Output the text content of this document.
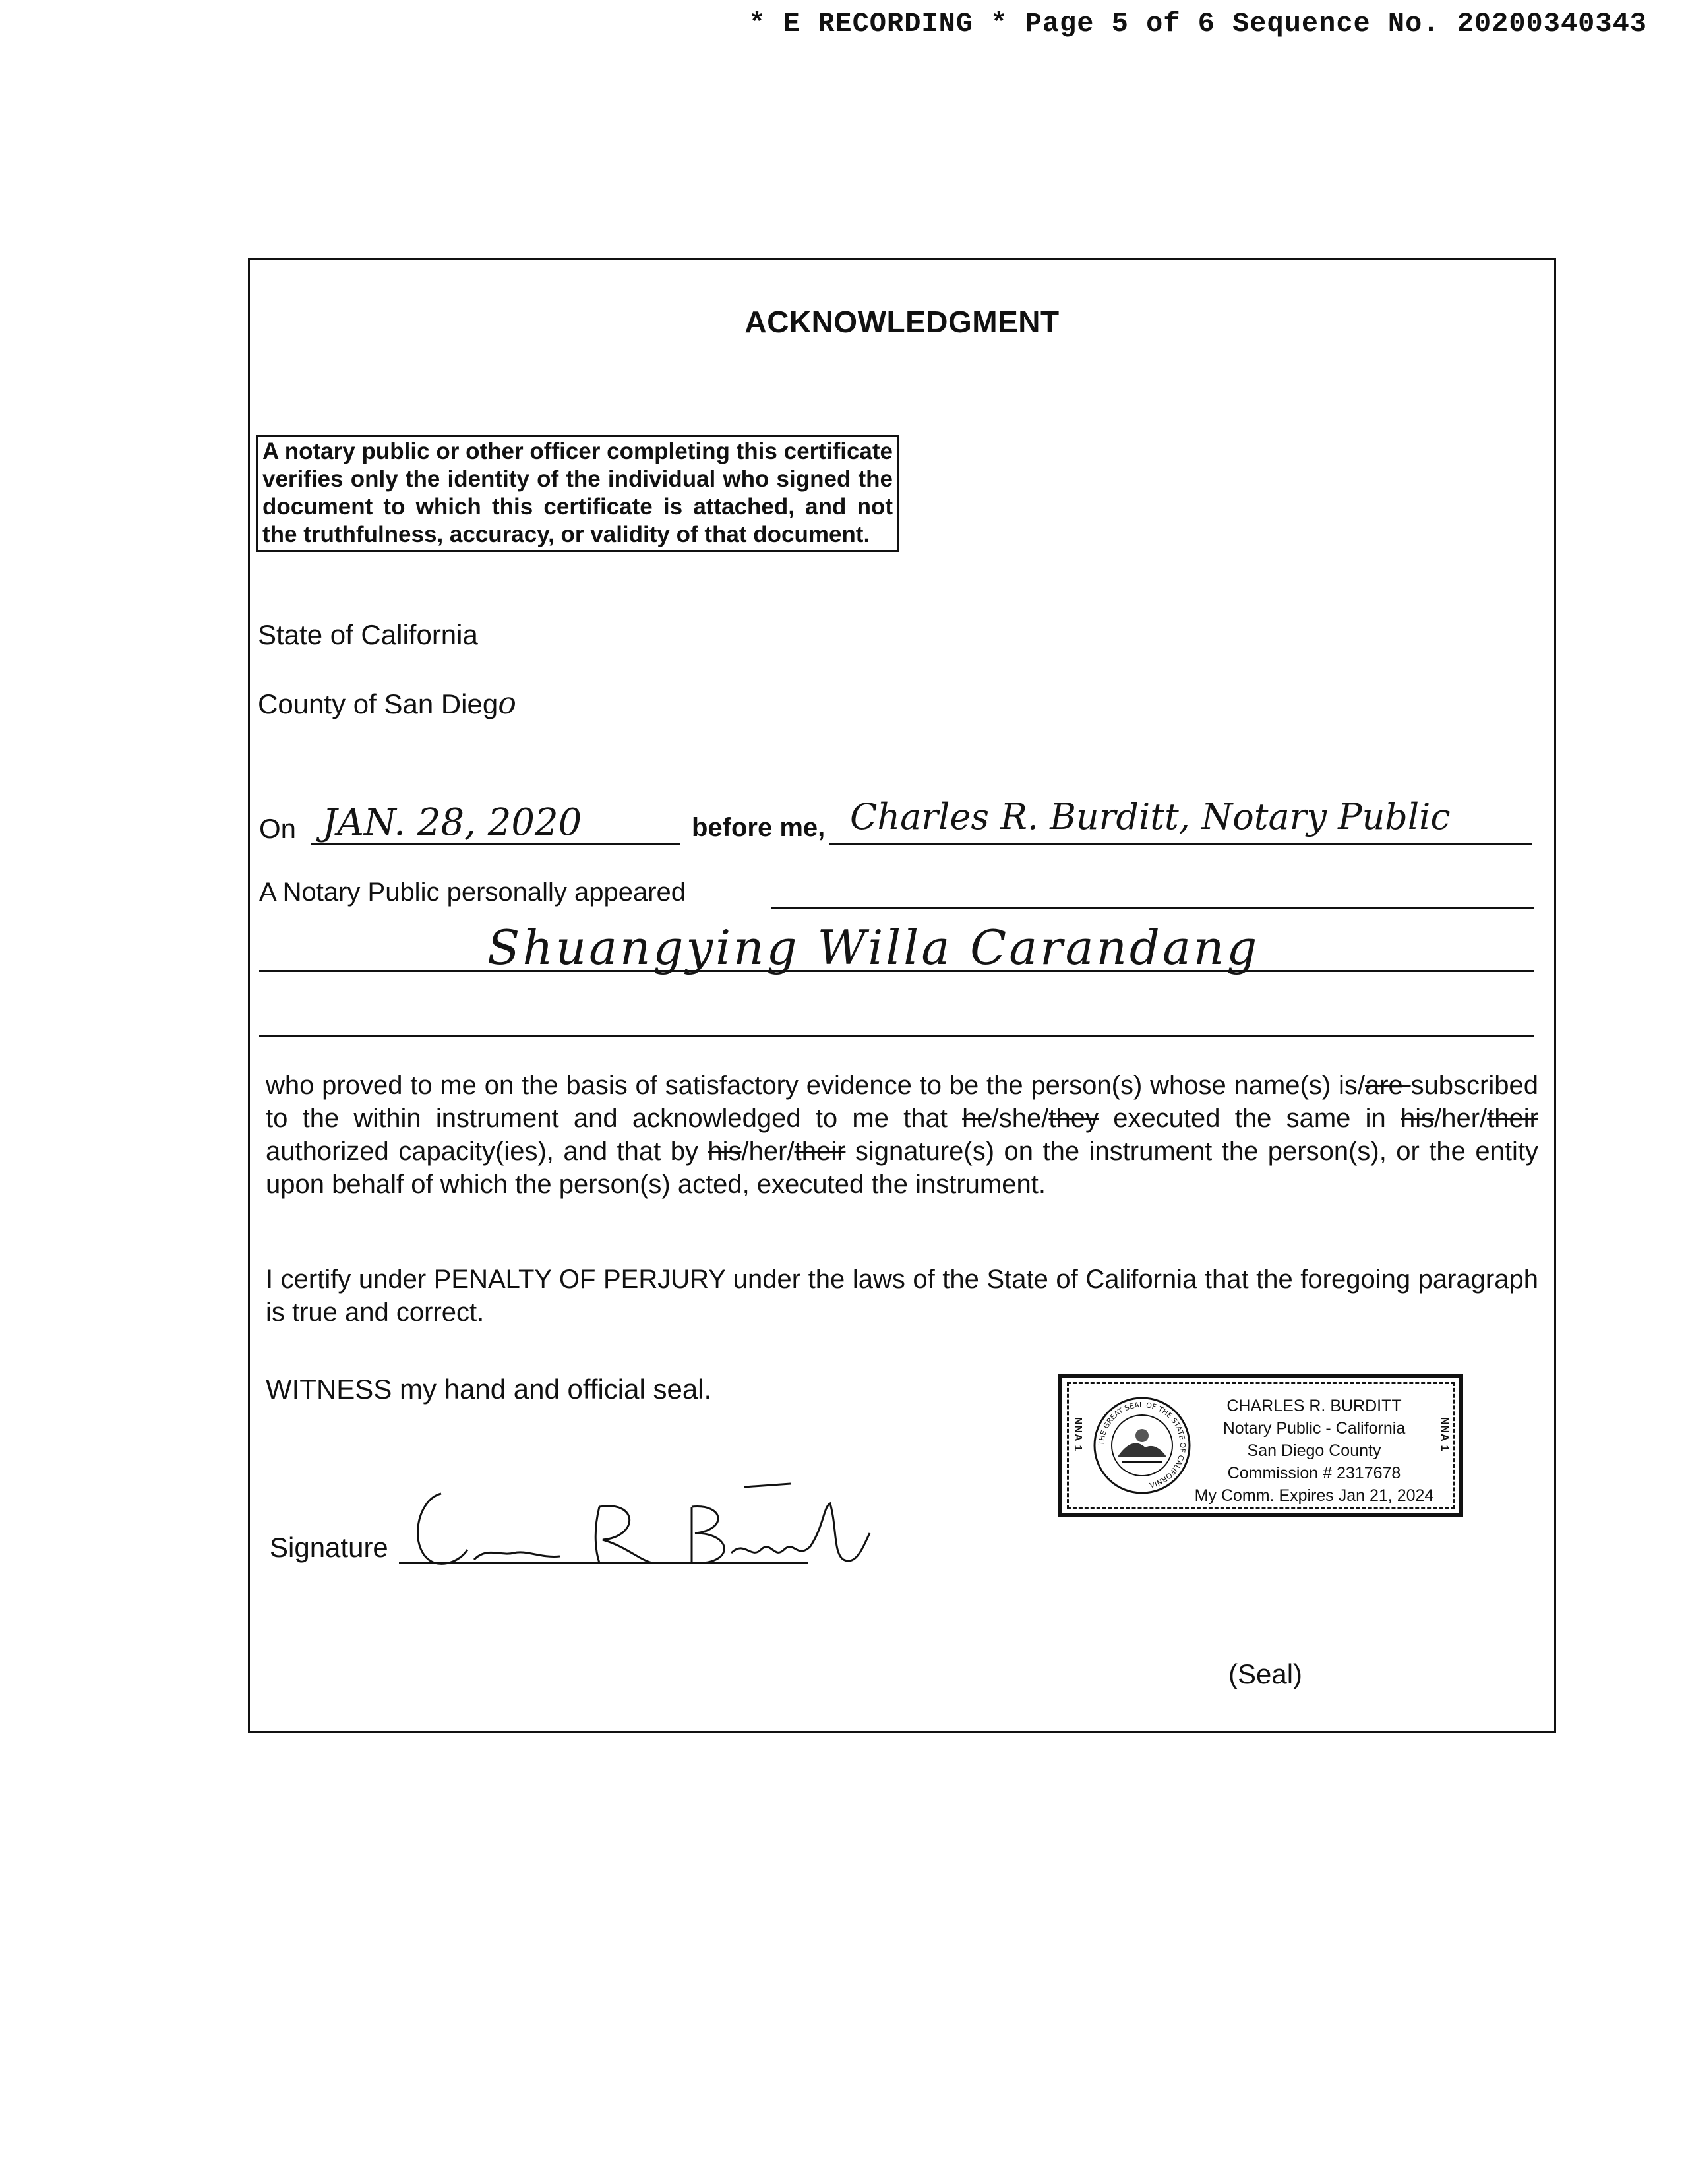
* E RECORDING * Page 5 of 6 Sequence No. 20200340343
ACKNOWLEDGMENT
A notary public or other officer completing this certificate verifies only the identity of the individual who signed the document to which this certificate is attached, and not the truthfulness, accuracy, or validity of that document.
State of California
County of San Diego
On JAN. 28, 2020	before me, Charles R. Burditt, Notary Public
A Notary Public personally appeared
Shuangying Willa Carandang
who proved to me on the basis of satisfactory evidence to be the person(s) whose name(s) is/are subscribed to the within instrument and acknowledged to me that he/she/they executed the same in his/her/their authorized capacity(ies), and that by his/her/their signature(s) on the instrument the person(s), or the entity upon behalf of which the person(s) acted, executed the instrument.
I certify under PENALTY OF PERJURY under the laws of the State of California that the foregoing paragraph is true and correct.
WITNESS my hand and official seal.
THE GREAT SEAL OF THE STATE OF CALIFORNIA
NNA 1	NNA 1
CHARLES R. BURDITT
Notary Public - California
San Diego County
Commission # 2317678
My Comm. Expires Jan 21, 2024
Signature
(Seal)
